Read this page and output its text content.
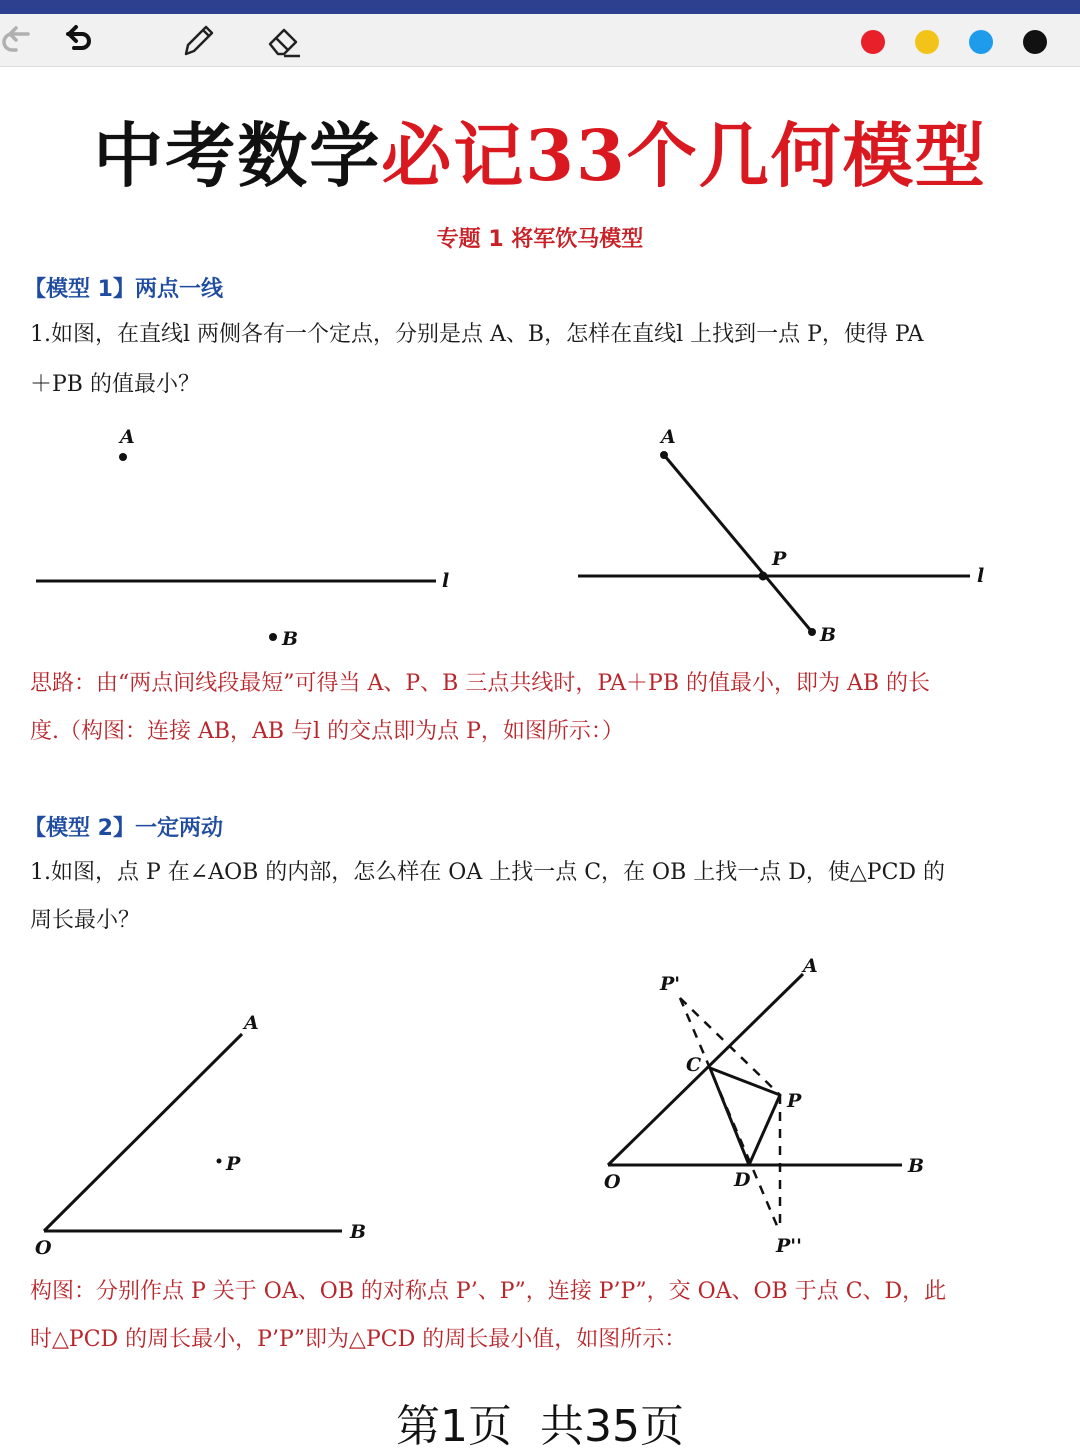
中考数学必记33个几何模型
专题 1 将军饮马模型
【模型 1】两点一线
1.如图，在直线l 两侧各有一个定点，分别是点 A、B，怎样在直线l 上找到一点 P，使得 PA
＋PB 的值最小？
A
B
l
A
P
B
l
思路：由“两点间线段最短”可得当 A、P、B 三点共线时，PA＋PB 的值最小，即为 AB 的长
度.（构图：连接 AB，AB 与l 的交点即为点 P，如图所示：）
【模型 2】一定两动
1.如图，点 P 在∠AOB 的内部，怎么样在 OA 上找一点 C，在 OB 上找一点 D，使△PCD 的
周长最小？
A
P
O
B
P'
A
C
P
O	D
B
P''
构图：分别作点 P 关于 OA、OB 的对称点 P’、P”，连接 P’P”，交 OA、OB 于点 C、D，此
时△PCD 的周长最小，P’P”即为△PCD 的周长最小值，如图所示：
第1页  共35页
